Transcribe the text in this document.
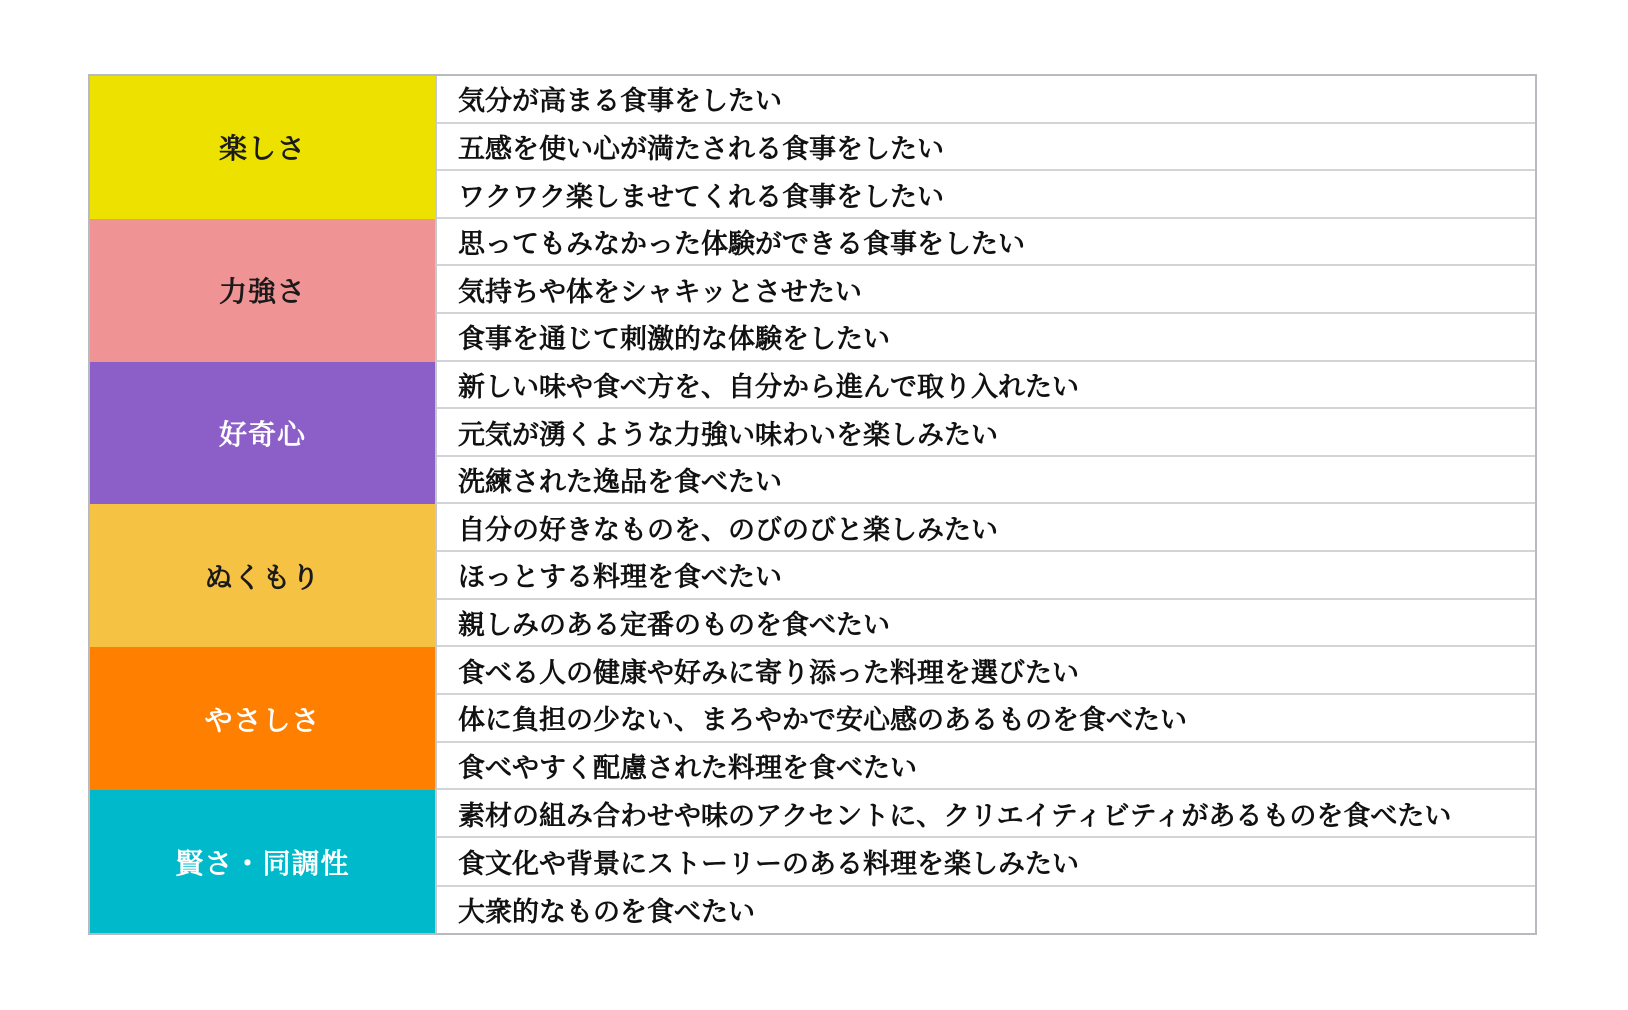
楽しさ
気分が高まる食事をしたい
五感を使い心が満たされる食事をしたい
ワクワク楽しませてくれる食事をしたい
力強さ
思ってもみなかった体験ができる食事をしたい
気持ちや体をシャキッとさせたい
食事を通じて刺激的な体験をしたい
好奇心
新しい味や食べ方を、自分から進んで取り入れたい
元気が湧くような力強い味わいを楽しみたい
洗練された逸品を食べたい
ぬくもり
自分の好きなものを、のびのびと楽しみたい
ほっとする料理を食べたい
親しみのある定番のものを食べたい
やさしさ
食べる人の健康や好みに寄り添った料理を選びたい
体に負担の少ない、まろやかで安心感のあるものを食べたい
食べやすく配慮された料理を食べたい
賢さ・同調性
素材の組み合わせや味のアクセントに、クリエイティビティがあるものを食べたい
食文化や背景にストーリーのある料理を楽しみたい
大衆的なものを食べたい
